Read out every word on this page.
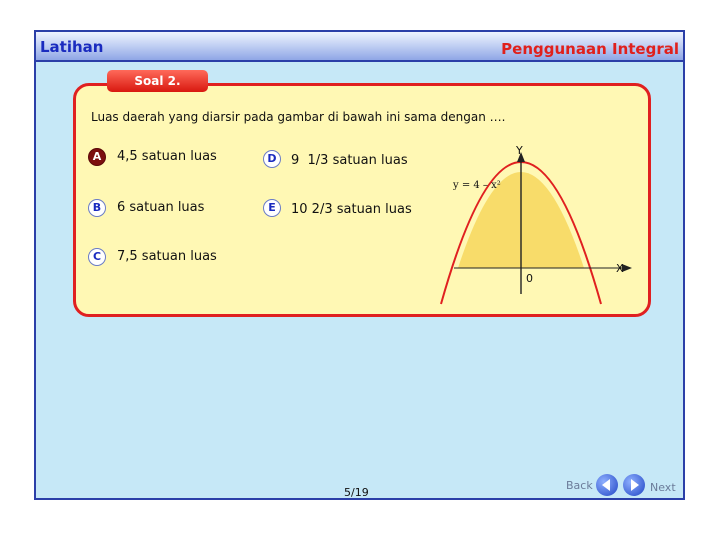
Latihan	Penggunaan Integral
Soal 2.
Luas daerah yang diarsir pada gambar di bawah ini sama dengan ….
A	4,5 satuan luas
B	6 satuan luas
C	7,5 satuan luas
D	9  1/3 satuan luas
E	10 2/3 satuan luas
Y
X
0
y = 4 – x²
5/19
Back	Next
